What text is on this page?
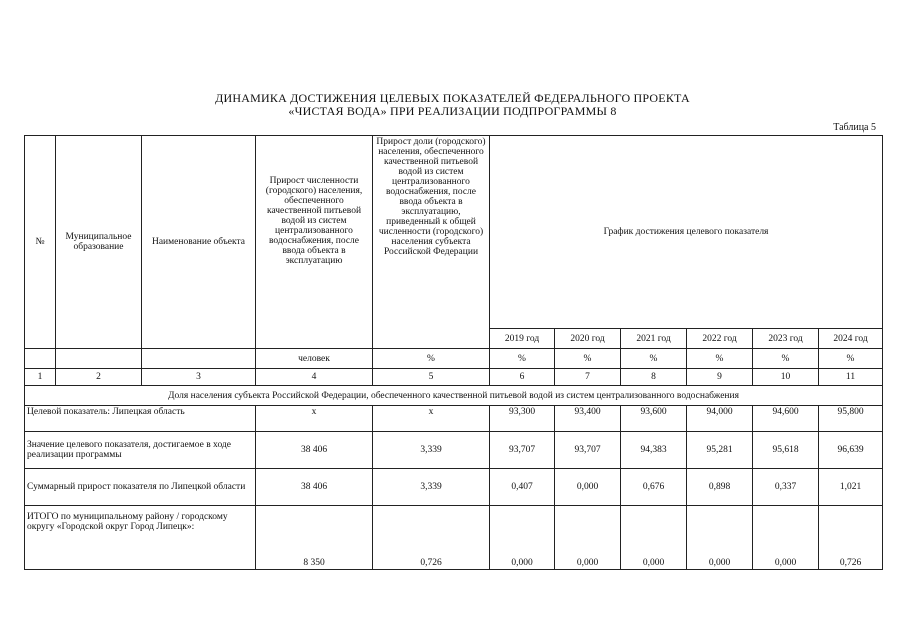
ДИНАМИКА ДОСТИЖЕНИЯ ЦЕЛЕВЫХ ПОКАЗАТЕЛЕЙ ФЕДЕРАЛЬНОГО ПРОЕКТА
«ЧИСТАЯ ВОДА» ПРИ РЕАЛИЗАЦИИ ПОДПРОГРАММЫ 8
Таблица 5
№	Муниципальное образование	Наименование объекта	Прирост численности (городского) населения, обеспеченного качественной питьевой водой из систем централизованного водоснабжения, после ввода объекта в эксплуатацию	Прирост доли (городского) населения, обеспеченного качественной питьевой водой из систем централизованного водоснабжения, после ввода объекта в эксплуатацию, приведенный к общей численности (городского) населения субъекта Российской Федерации	График достижения целевого показателя					
					2019 год	2020 год	2021 год	2022 год	2023 год	2024 год
			человек	%	%	%	%	%	%	%
1	2	3	4	5	6	7	8	9	10	11
Доля населения субъекта Российской Федерации, обеспеченного качественной питьевой водой из систем централизованного водоснабжения										
Целевой показатель: Липецкая область			х	х	93,300	93,400	93,600	94,000	94,600	95,800
Значение целевого показателя, достигаемое в ходе реализации программы			38 406	3,339	93,707	93,707	94,383	95,281	95,618	96,639
Суммарный прирост показателя по Липецкой области			38 406	3,339	0,407	0,000	0,676	0,898	0,337	1,021
ИТОГО по муниципальному району / городскому округу «Городской округ Город Липецк»:			8 350	0,726	0,000	0,000	0,000	0,000	0,000	0,726
